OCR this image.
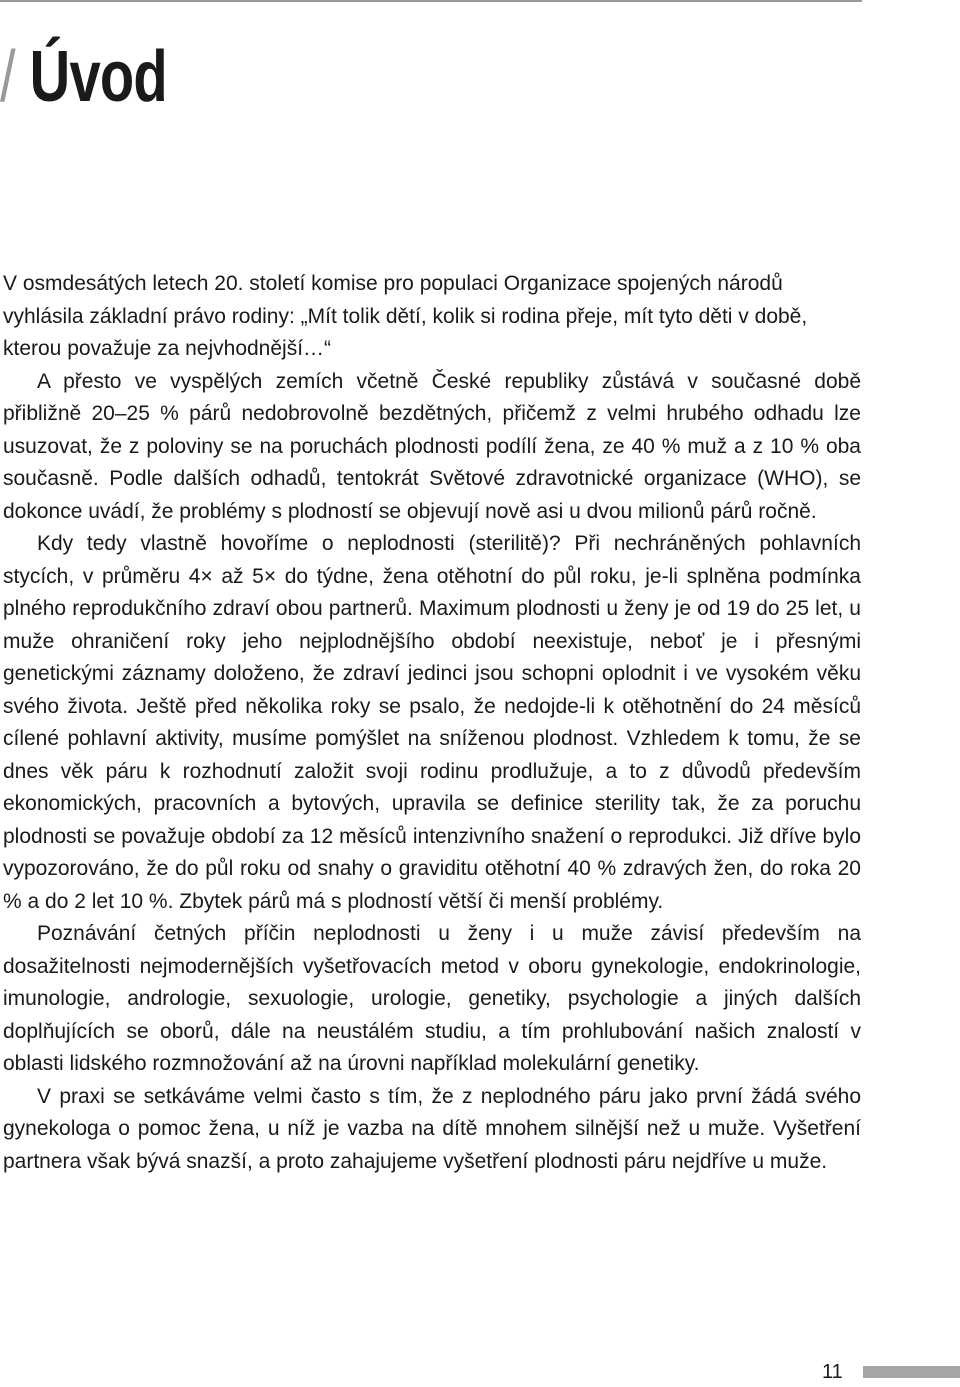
/ Úvod

V osmdesátých letech 20. století komise pro populaci Organizace spojených národů vyhlásila základní právo rodiny: „Mít tolik dětí, kolik si rodina přeje, mít tyto děti v době, kterou považuje za nejvhodnější…“

A přesto ve vyspělých zemích včetně České republiky zůstává v současné době přibližně 20–25 % párů nedobrovolně bezdětných, přičemž z velmi hrubého odhadu lze usuzovat, že z poloviny se na poruchách plodnosti podílí žena, ze 40 % muž a z 10 % oba současně. Podle dalších odhadů, tentokrát Světové zdravotnické organizace (WHO), se dokonce uvádí, že problémy s plodností se objevují nově asi u dvou milionů párů ročně.

Kdy tedy vlastně hovoříme o neplodnosti (sterilitě)? Při nechráněných pohlavních stycích, v průměru 4× až 5× do týdne, žena otěhotní do půl roku, je-li splněna podmínka plného reprodukčního zdraví obou partnerů. Maximum plodnosti u ženy je od 19 do 25 let, u muže ohraničení roky jeho nejplodnějšího období neexistuje, neboť je i přesnými genetickými záznamy doloženo, že zdraví jedinci jsou schopni oplodnit i ve vysokém věku svého života. Ještě před několika roky se psalo, že nedojde-li k otěhotnění do 24 měsíců cílené pohlavní aktivity, musíme pomýšlet na sníženou plodnost. Vzhledem k tomu, že se dnes věk páru k rozhodnutí založit svoji rodinu prodlužuje, a to z důvodů především ekonomických, pracovních a bytových, upravila se definice sterility tak, že za poruchu plodnosti se považuje období za 12 měsíců intenzivního snažení o reprodukci. Již dříve bylo vypozorováno, že do půl roku od snahy o graviditu otěhotní 40 % zdravých žen, do roka 20 % a do 2 let 10 %. Zbytek párů má s plodností větší či menší problémy.

Poznávání četných příčin neplodnosti u ženy i u muže závisí především na dosažitelnosti nejmodernějších vyšetřovacích metod v oboru gynekologie, endokrinologie, imunologie, andrologie, sexuologie, urologie, genetiky, psychologie a jiných dalších doplňujících se oborů, dále na neustálém studiu, a tím prohlubování našich znalostí v oblasti lidského rozmnožování až na úrovni například molekulární genetiky.

V praxi se setkáváme velmi často s tím, že z neplodného páru jako první žádá svého gynekologa o pomoc žena, u níž je vazba na dítě mnohem silnější než u muže. Vyšetření partnera však bývá snazší, a proto zahajujeme vyšetření plodnosti páru nejdříve u muže.

11
